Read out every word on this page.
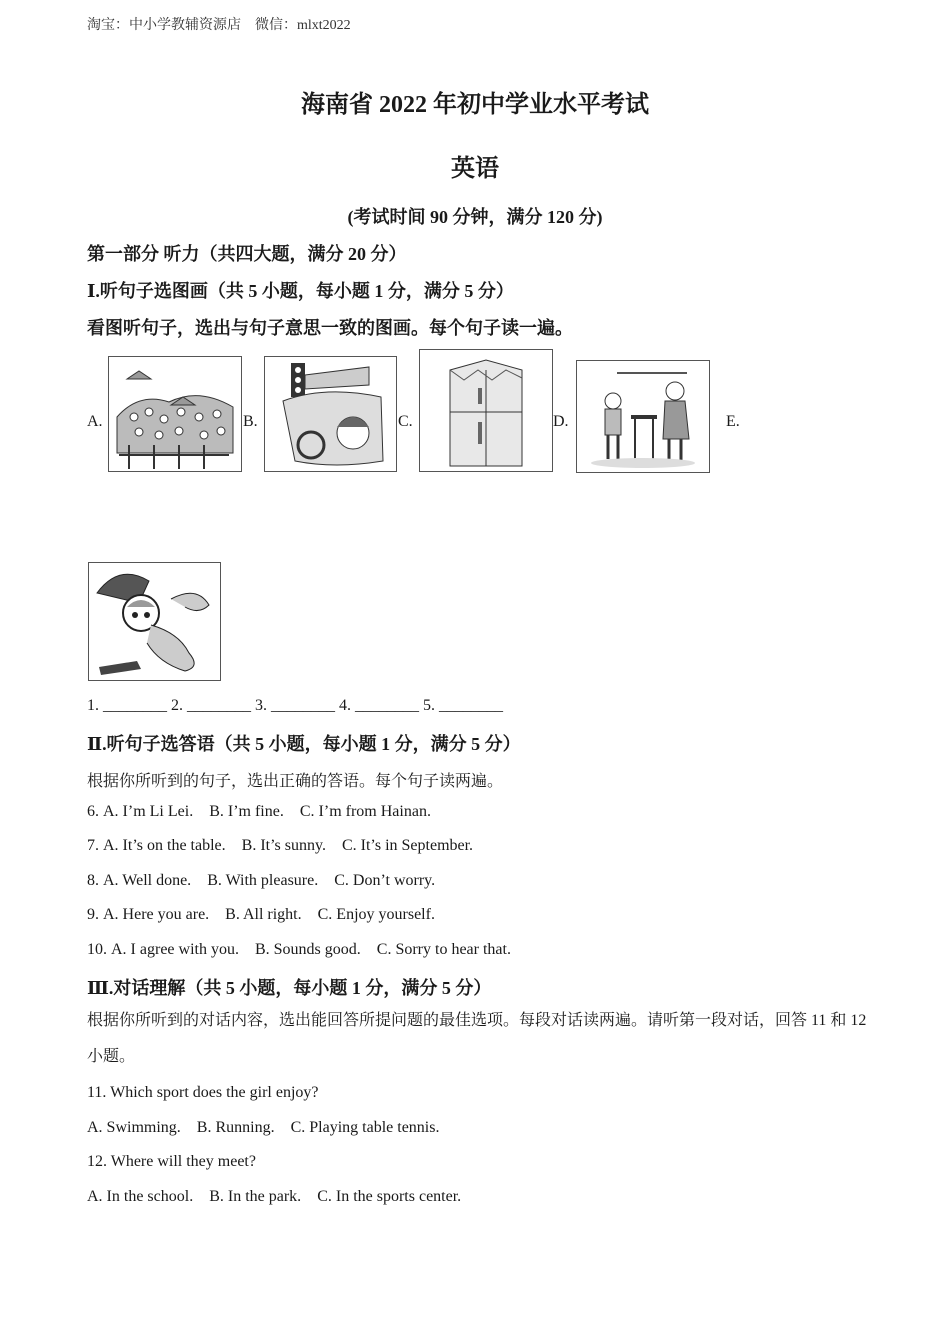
淘宝：中小学教辅资源店 微信：mlxt2022
海南省 2022 年初中学业水平考试
英语
(考试时间 90 分钟，满分 120 分)
第一部分 听力（共四大题，满分 20 分）
Ⅰ.听句子选图画（共 5 小题，每小题 1 分，满分 5 分）
看图听句子，选出与句子意思一致的图画。每个句子读一遍。
A.	B.	C.	D.	E.
1. ________ 2. ________ 3. ________ 4. ________ 5. ________
Ⅱ.听句子选答语（共 5 小题，每小题 1 分，满分 5 分）
根据你所听到的句子，选出正确的答语。每个句子读两遍。
6. A. I’m Li Lei. B. I’m fine. C. I’m from Hainan.
7. A. It’s on the table. B. It’s sunny. C. It’s in September.
8. A. Well done. B. With pleasure. C. Don’t worry.
9. A. Here you are. B. All right. C. Enjoy yourself.
10. A. I agree with you. B. Sounds good. C. Sorry to hear that.
Ⅲ.对话理解（共 5 小题，每小题 1 分，满分 5 分）
根据你所听到的对话内容，选出能回答所提问题的最佳选项。每段对话读两遍。请听第一段对话，回答 11 和 12 小题。
11. Which sport does the girl enjoy?
A. Swimming. B. Running. C. Playing table tennis.
12. Where will they meet?
A. In the school. B. In the park. C. In the sports center.
